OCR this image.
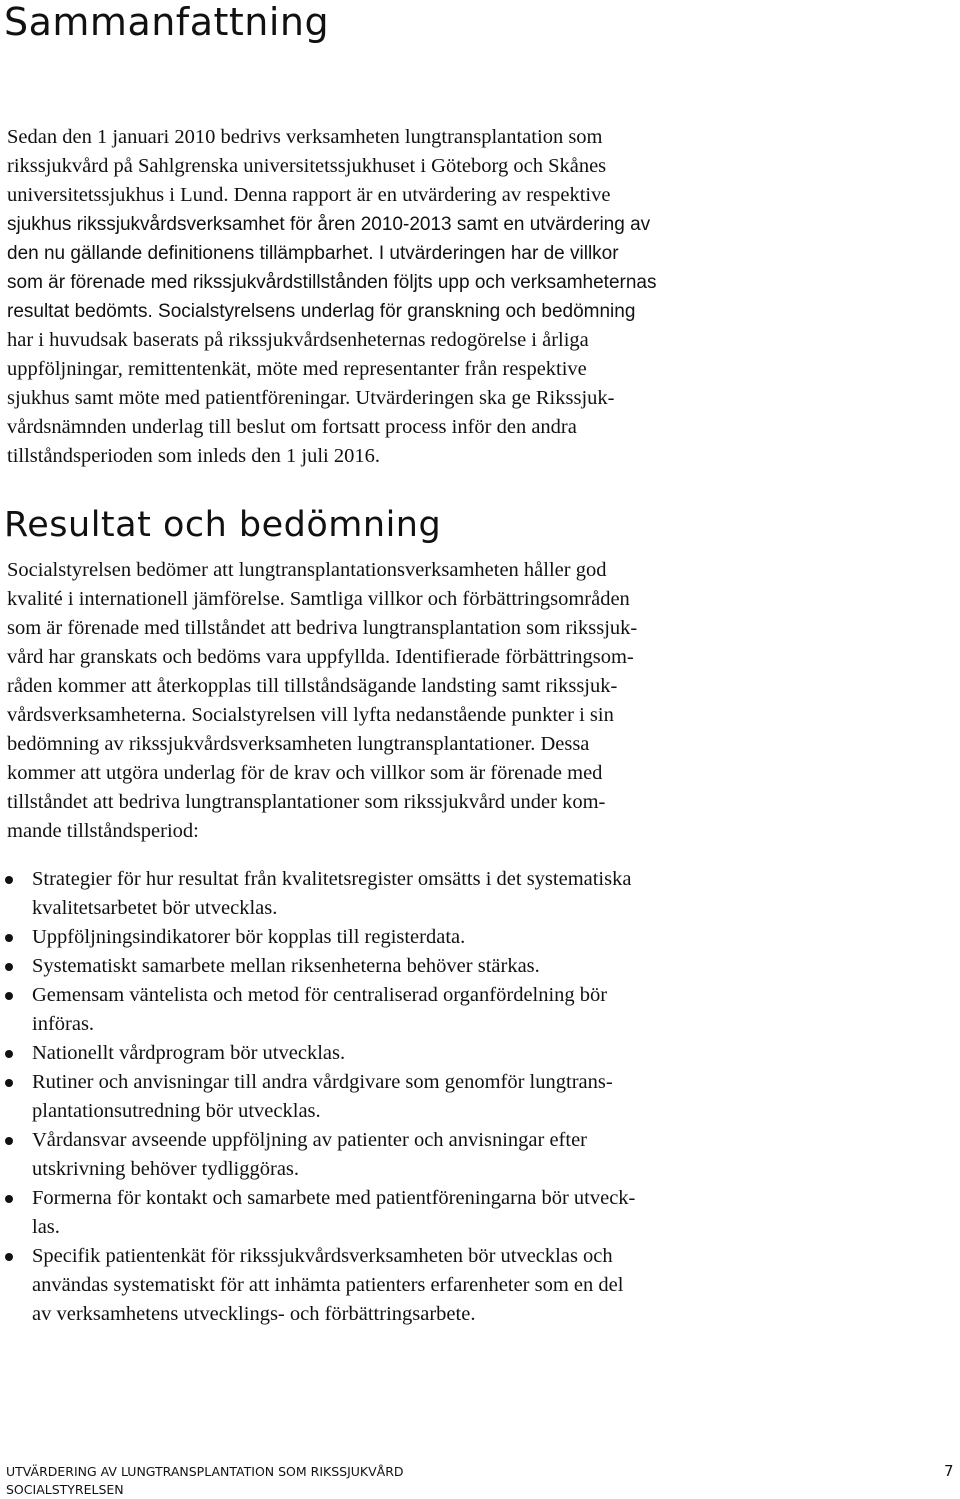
Sammanfattning

Sedan den 1 januari 2010 bedrivs verksamheten lungtransplantation som

rikssjukvård på Sahlgrenska universitetssjukhuset i Göteborg och Skånes

universitetssjukhus i Lund. Denna rapport är en utvärdering av respektive

sjukhus rikssjukvårdsverksamhet för åren 2010-2013 samt en utvärdering av

den nu gällande definitionens tillämpbarhet. I utvärderingen har de villkor

som är förenade med rikssjukvårdstillstånden följts upp och verksamheternas

resultat bedömts. Socialstyrelsens underlag för granskning och bedömning

har i huvudsak baserats på rikssjukvårdsenheternas redogörelse i årliga

uppföljningar, remittentenkät, möte med representanter från respektive

sjukhus samt möte med patientföreningar. Utvärderingen ska ge Rikssjuk-

vårdsnämnden underlag till beslut om fortsatt process inför den andra

tillståndsperioden som inleds den 1 juli 2016.

Resultat och bedömning

Socialstyrelsen bedömer att lungtransplantationsverksamheten håller god

kvalité i internationell jämförelse. Samtliga villkor och förbättringsområden

som är förenade med tillståndet att bedriva lungtransplantation som rikssjuk-

vård har granskats och bedöms vara uppfyllda. Identifierade förbättringsom-

råden kommer att återkopplas till tillståndsägande landsting samt rikssjuk-

vårdsverksamheterna. Socialstyrelsen vill lyfta nedanstående punkter i sin

bedömning av rikssjukvårdsverksamheten lungtransplantationer. Dessa

kommer att utgöra underlag för de krav och villkor som är förenade med

tillståndet att bedriva lungtransplantationer som rikssjukvård under kom-

mande tillståndsperiod:

Strategier för hur resultat från kvalitetsregister omsätts i det systematiska

kvalitetsarbetet bör utvecklas.

Uppföljningsindikatorer bör kopplas till registerdata.

Systematiskt samarbete mellan riksenheterna behöver stärkas.

Gemensam väntelista och metod för centraliserad organfördelning bör

införas.

Nationellt vårdprogram bör utvecklas.

Rutiner och anvisningar till andra vårdgivare som genomför lungtrans-

plantationsutredning bör utvecklas.

Vårdansvar avseende uppföljning av patienter och anvisningar efter

utskrivning behöver tydliggöras.

Formerna för kontakt och samarbete med patientföreningarna bör utveck-

las.

Specifik patientenkät för rikssjukvårdsverksamheten bör utvecklas och

användas systematiskt för att inhämta patienters erfarenheter som en del

av verksamhetens utvecklings- och förbättringsarbete.

UTVÄRDERING AV LUNGTRANSPLANTATION SOM RIKSSJUKVÅRD

SOCIALSTYRELSEN

7
